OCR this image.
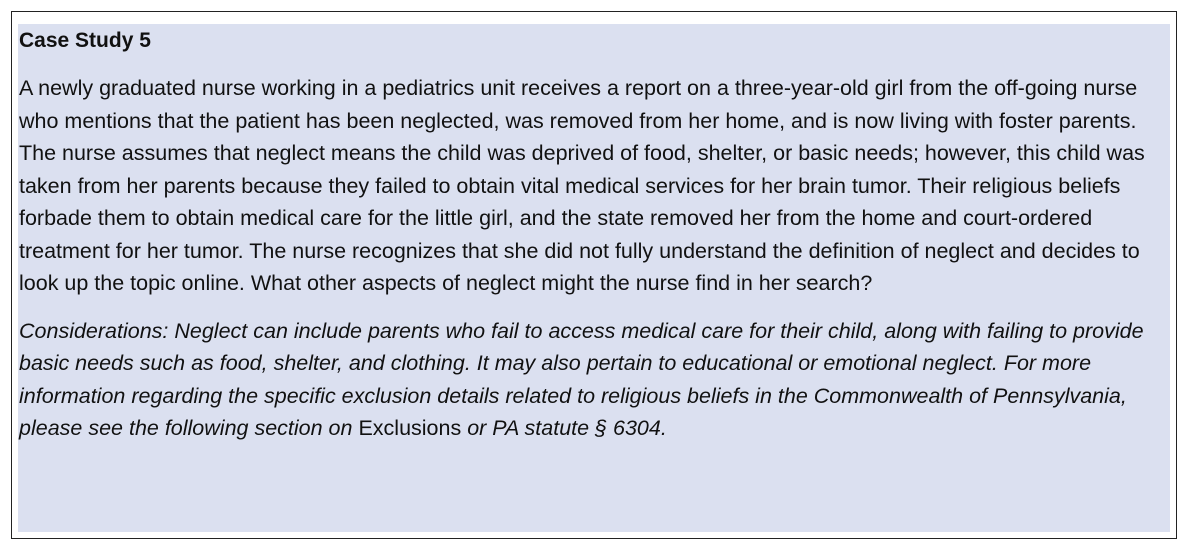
Case Study 5
A newly graduated nurse working in a pediatrics unit receives a report on a three-year-old girl from the off-going nurse who mentions that the patient has been neglected, was removed from her home, and is now living with foster parents. The nurse assumes that neglect means the child was deprived of food, shelter, or basic needs; however, this child was taken from her parents because they failed to obtain vital medical services for her brain tumor. Their religious beliefs forbade them to obtain medical care for the little girl, and the state removed her from the home and court-ordered treatment for her tumor. The nurse recognizes that she did not fully understand the definition of neglect and decides to look up the topic online. What other aspects of neglect might the nurse find in her search?
Considerations: Neglect can include parents who fail to access medical care for their child, along with failing to provide basic needs such as food, shelter, and clothing. It may also pertain to educational or emotional neglect. For more information regarding the specific exclusion details related to religious beliefs in the Commonwealth of Pennsylvania, please see the following section on Exclusions or PA statute § 6304.
